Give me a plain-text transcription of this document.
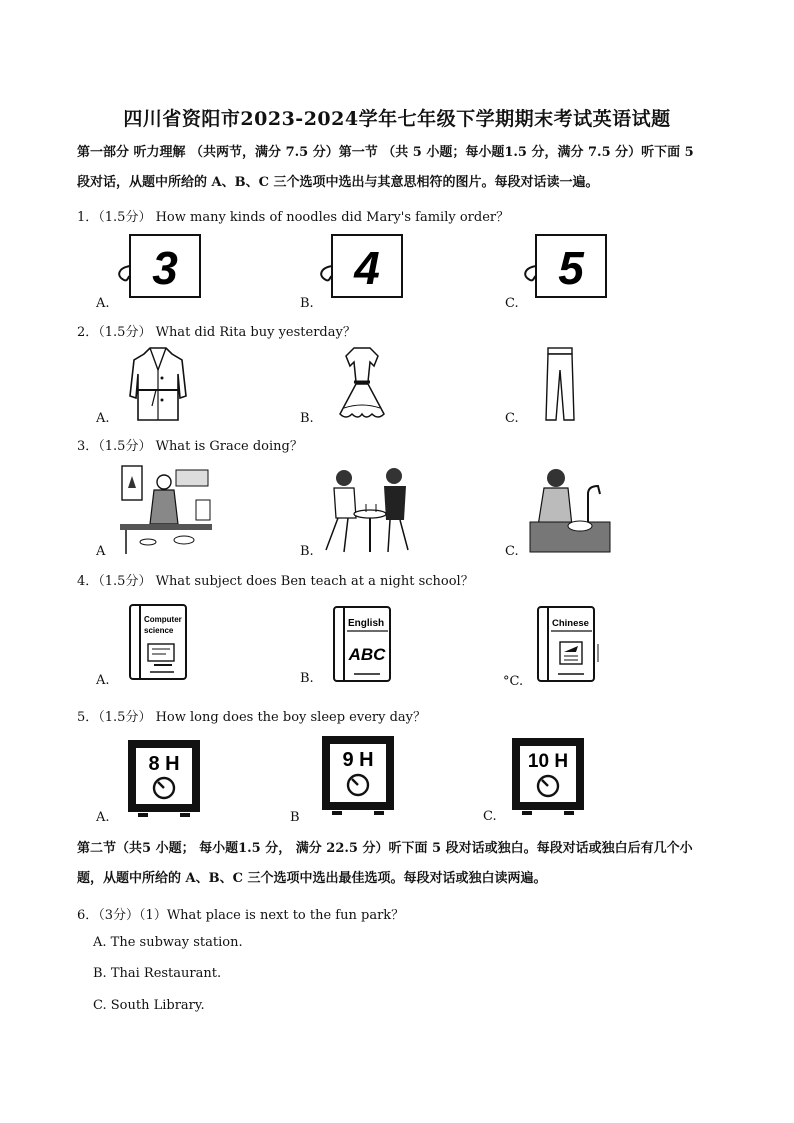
四川省资阳市2023-2024学年七年级下学期期末考试英语试题
第一部分 听力理解 （共两节，满分 7.5 分）第一节 （共 5 小题；每小题1.5 分，满分 7.5 分）听下面 5
段对话，从题中所给的 A、B、C 三个选项中选出与其意思相符的图片。每段对话读一遍。
1．（1.5分） How many kinds of noodles did Mary's family order？
A.	B.	C.
3	4	5
2．（1.5分） What did Rita buy yesterday？
A.	B.	C.
3．（1.5分） What is Grace doing？
A	B.	C.
4．（1.5分） What subject does Ben teach at a night school？
A.	B.	°C.
Computer
science
English
ABC
Chinese
5．（1.5分） How long does the boy sleep every day？
A.	B	C.
8 H	9 H	10 H
第二节（共5 小题； 每小题1.5 分， 满分 22.5 分）听下面 5 段对话或独白。每段对话或独白后有几个小
题，从题中所给的 A、B、C 三个选项中选出最佳选项。每段对话或独白读两遍。
6．（3分）（1）What place is next to the fun park？
A. The subway station.
B. Thai Restaurant.
C. South Library.
